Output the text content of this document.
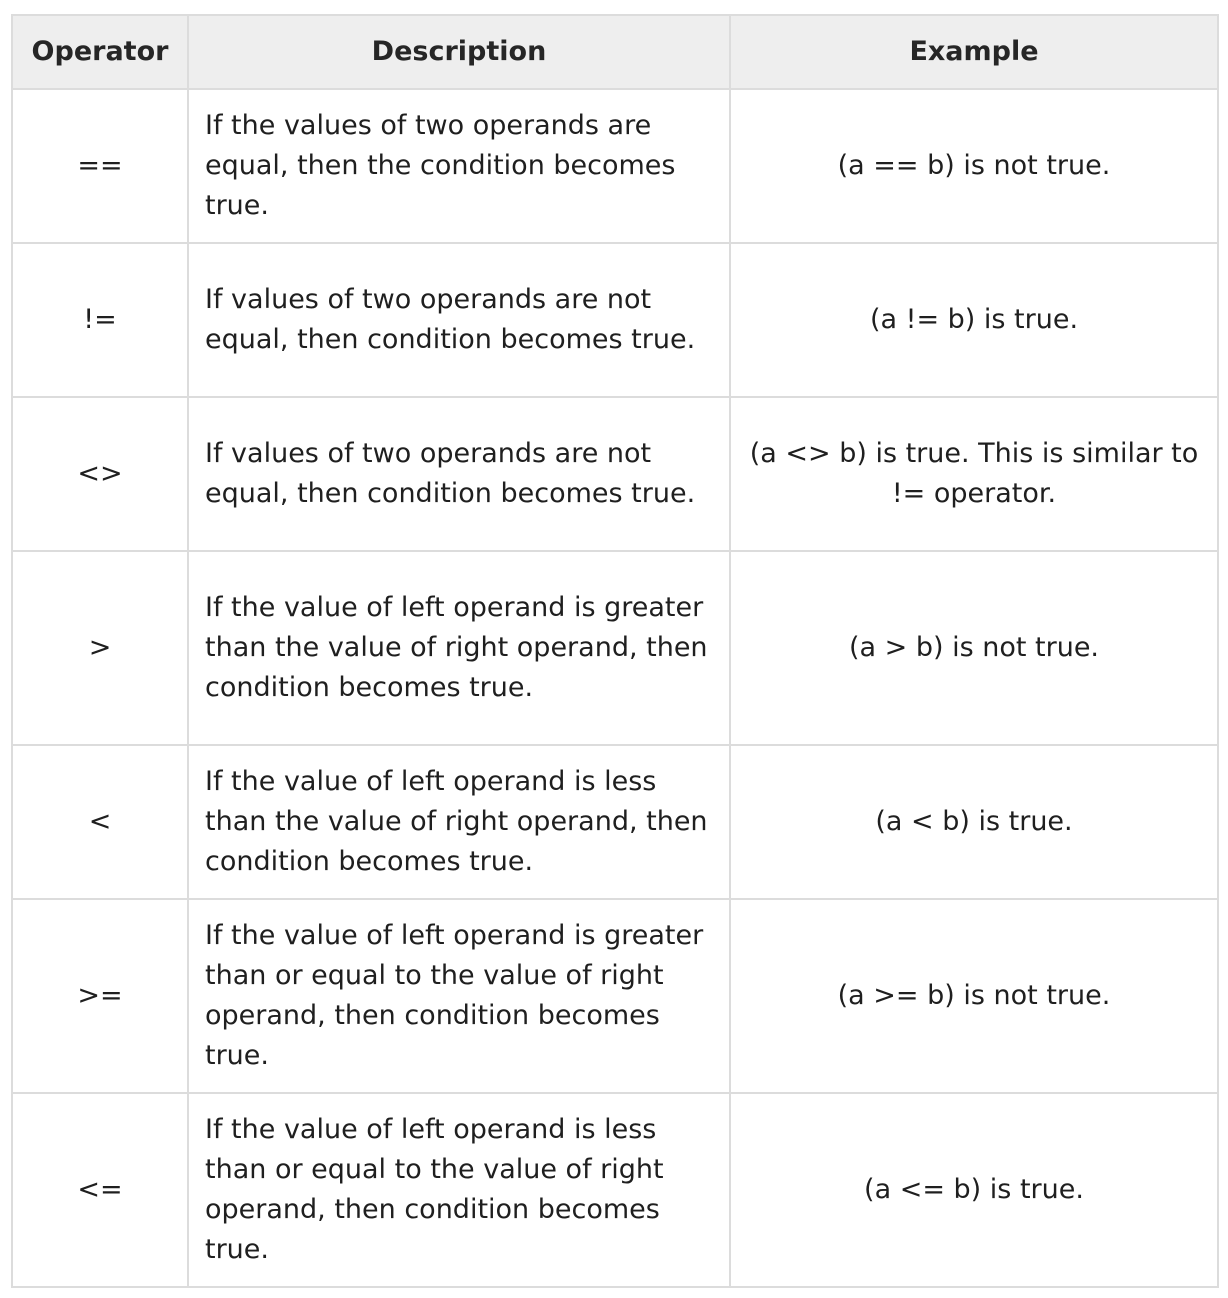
Operator	Description	Example
==	If the values of two operands are equal, then the condition becomes true.	(a == b) is not true.
!=	If values of two operands are not equal, then condition becomes true.	(a != b) is true.
<>	If values of two operands are not equal, then condition becomes true.	(a <> b) is true. This is similar to != operator.
>	If the value of left operand is greater than the value of right operand, then condition becomes true.	(a > b) is not true.
<	If the value of left operand is less than the value of right operand, then condition becomes true.	(a < b) is true.
>=	If the value of left operand is greater than or equal to the value of right operand, then condition becomes true.	(a >= b) is not true.
<=	If the value of left operand is less than or equal to the value of right operand, then condition becomes true.	(a <= b) is true.
